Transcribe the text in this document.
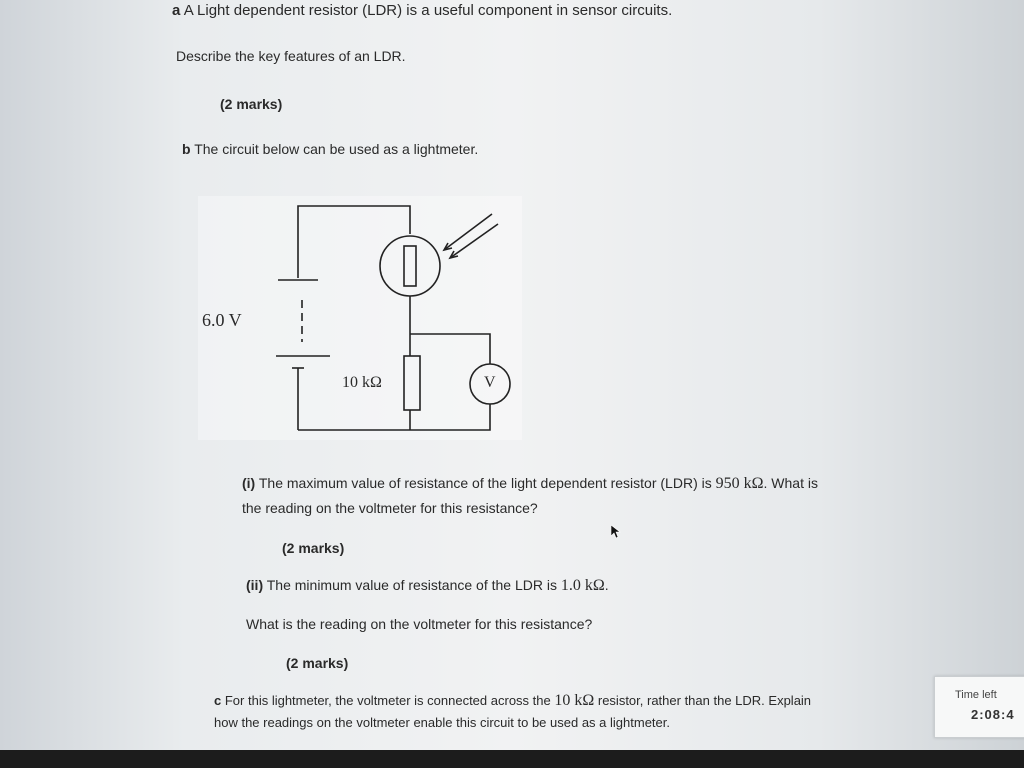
a A Light dependent resistor (LDR) is a useful component in sensor circuits.
Describe the key features of an LDR.
(2 marks)
b The circuit below can be used as a lightmeter.
6.0 V
10 kΩ	V
(i) The maximum value of resistance of the light dependent resistor (LDR) is 950 kΩ. What is
the reading on the voltmeter for this resistance?
(2 marks)
(ii) The minimum value of resistance of the LDR is 1.0 kΩ.
What is the reading on the voltmeter for this resistance?
(2 marks)
c For this lightmeter, the voltmeter is connected across the 10 kΩ resistor, rather than the LDR. Explain
how the readings on the voltmeter enable this circuit to be used as a lightmeter.
Time left
2:08:4
